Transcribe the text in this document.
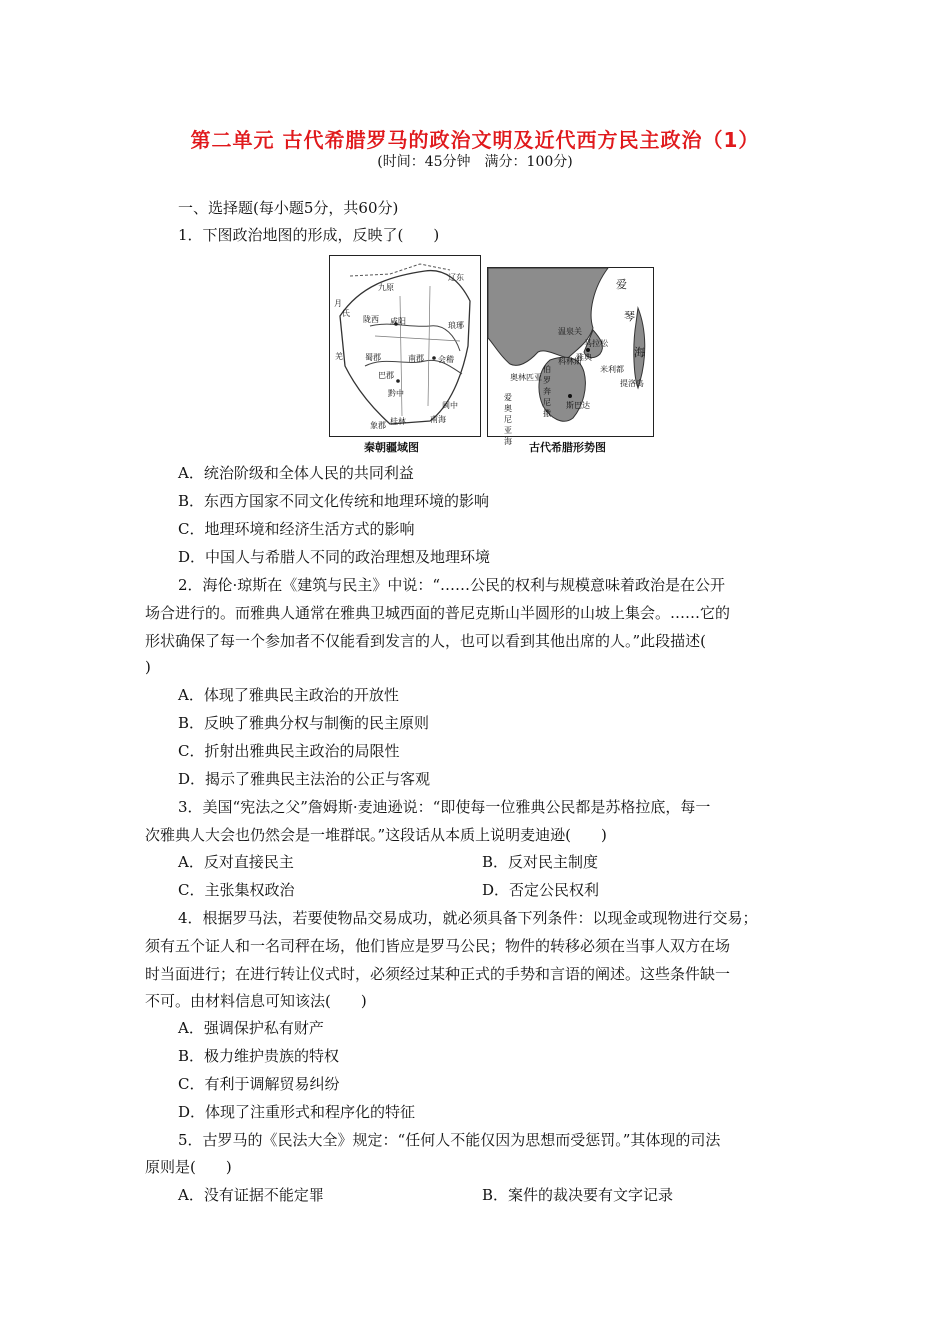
第二单元 古代希腊罗马的政治文明及近代西方民主政治（1）
(时间：45分钟　满分：100分)
一、选择题(每小题5分，共60分)
1．下图政治地图的形成，反映了(　　)
咸阳
九原
陇西
月
氏
羌	蜀郡
巴郡
黔中
南海
桂林
象郡
会稽
闽中
琅琊
辽东
南郡
秦朝疆域图
爱
琴
海
温泉关
马拉松
雅典
伯罗奔尼撒
斯巴达
奥林匹亚
科林斯
米利都
提洛岛
爱奥尼亚海	古代希腊形势图
A．统治阶级和全体人民的共同利益
B．东西方国家不同文化传统和地理环境的影响
C．地理环境和经济生活方式的影响
D．中国人与希腊人不同的政治理想及地理环境
2．海伦·琼斯在《建筑与民主》中说：“……公民的权利与规模意味着政治是在公开
场合进行的。而雅典人通常在雅典卫城西面的普尼克斯山半圆形的山坡上集会。……它的
形状确保了每一个参加者不仅能看到发言的人，也可以看到其他出席的人。”此段描述(
)
A．体现了雅典民主政治的开放性
B．反映了雅典分权与制衡的民主原则
C．折射出雅典民主政治的局限性
D．揭示了雅典民主法治的公正与客观
3．美国“宪法之父”詹姆斯·麦迪逊说：“即使每一位雅典公民都是苏格拉底，每一
次雅典人大会也仍然会是一堆群氓。”这段话从本质上说明麦迪逊(　　)
A．反对直接民主	B．反对民主制度
C．主张集权政治	D．否定公民权利
4．根据罗马法，若要使物品交易成功，就必须具备下列条件：以现金或现物进行交易；
须有五个证人和一名司秤在场，他们皆应是罗马公民；物件的转移必须在当事人双方在场
时当面进行；在进行转让仪式时，必须经过某种正式的手势和言语的阐述。这些条件缺一
不可。由材料信息可知该法(　　)
A．强调保护私有财产
B．极力维护贵族的特权
C．有利于调解贸易纠纷
D．体现了注重形式和程序化的特征
5．古罗马的《民法大全》规定：“任何人不能仅因为思想而受惩罚。”其体现的司法
原则是(　　)
A．没有证据不能定罪	B．案件的裁决要有文字记录
